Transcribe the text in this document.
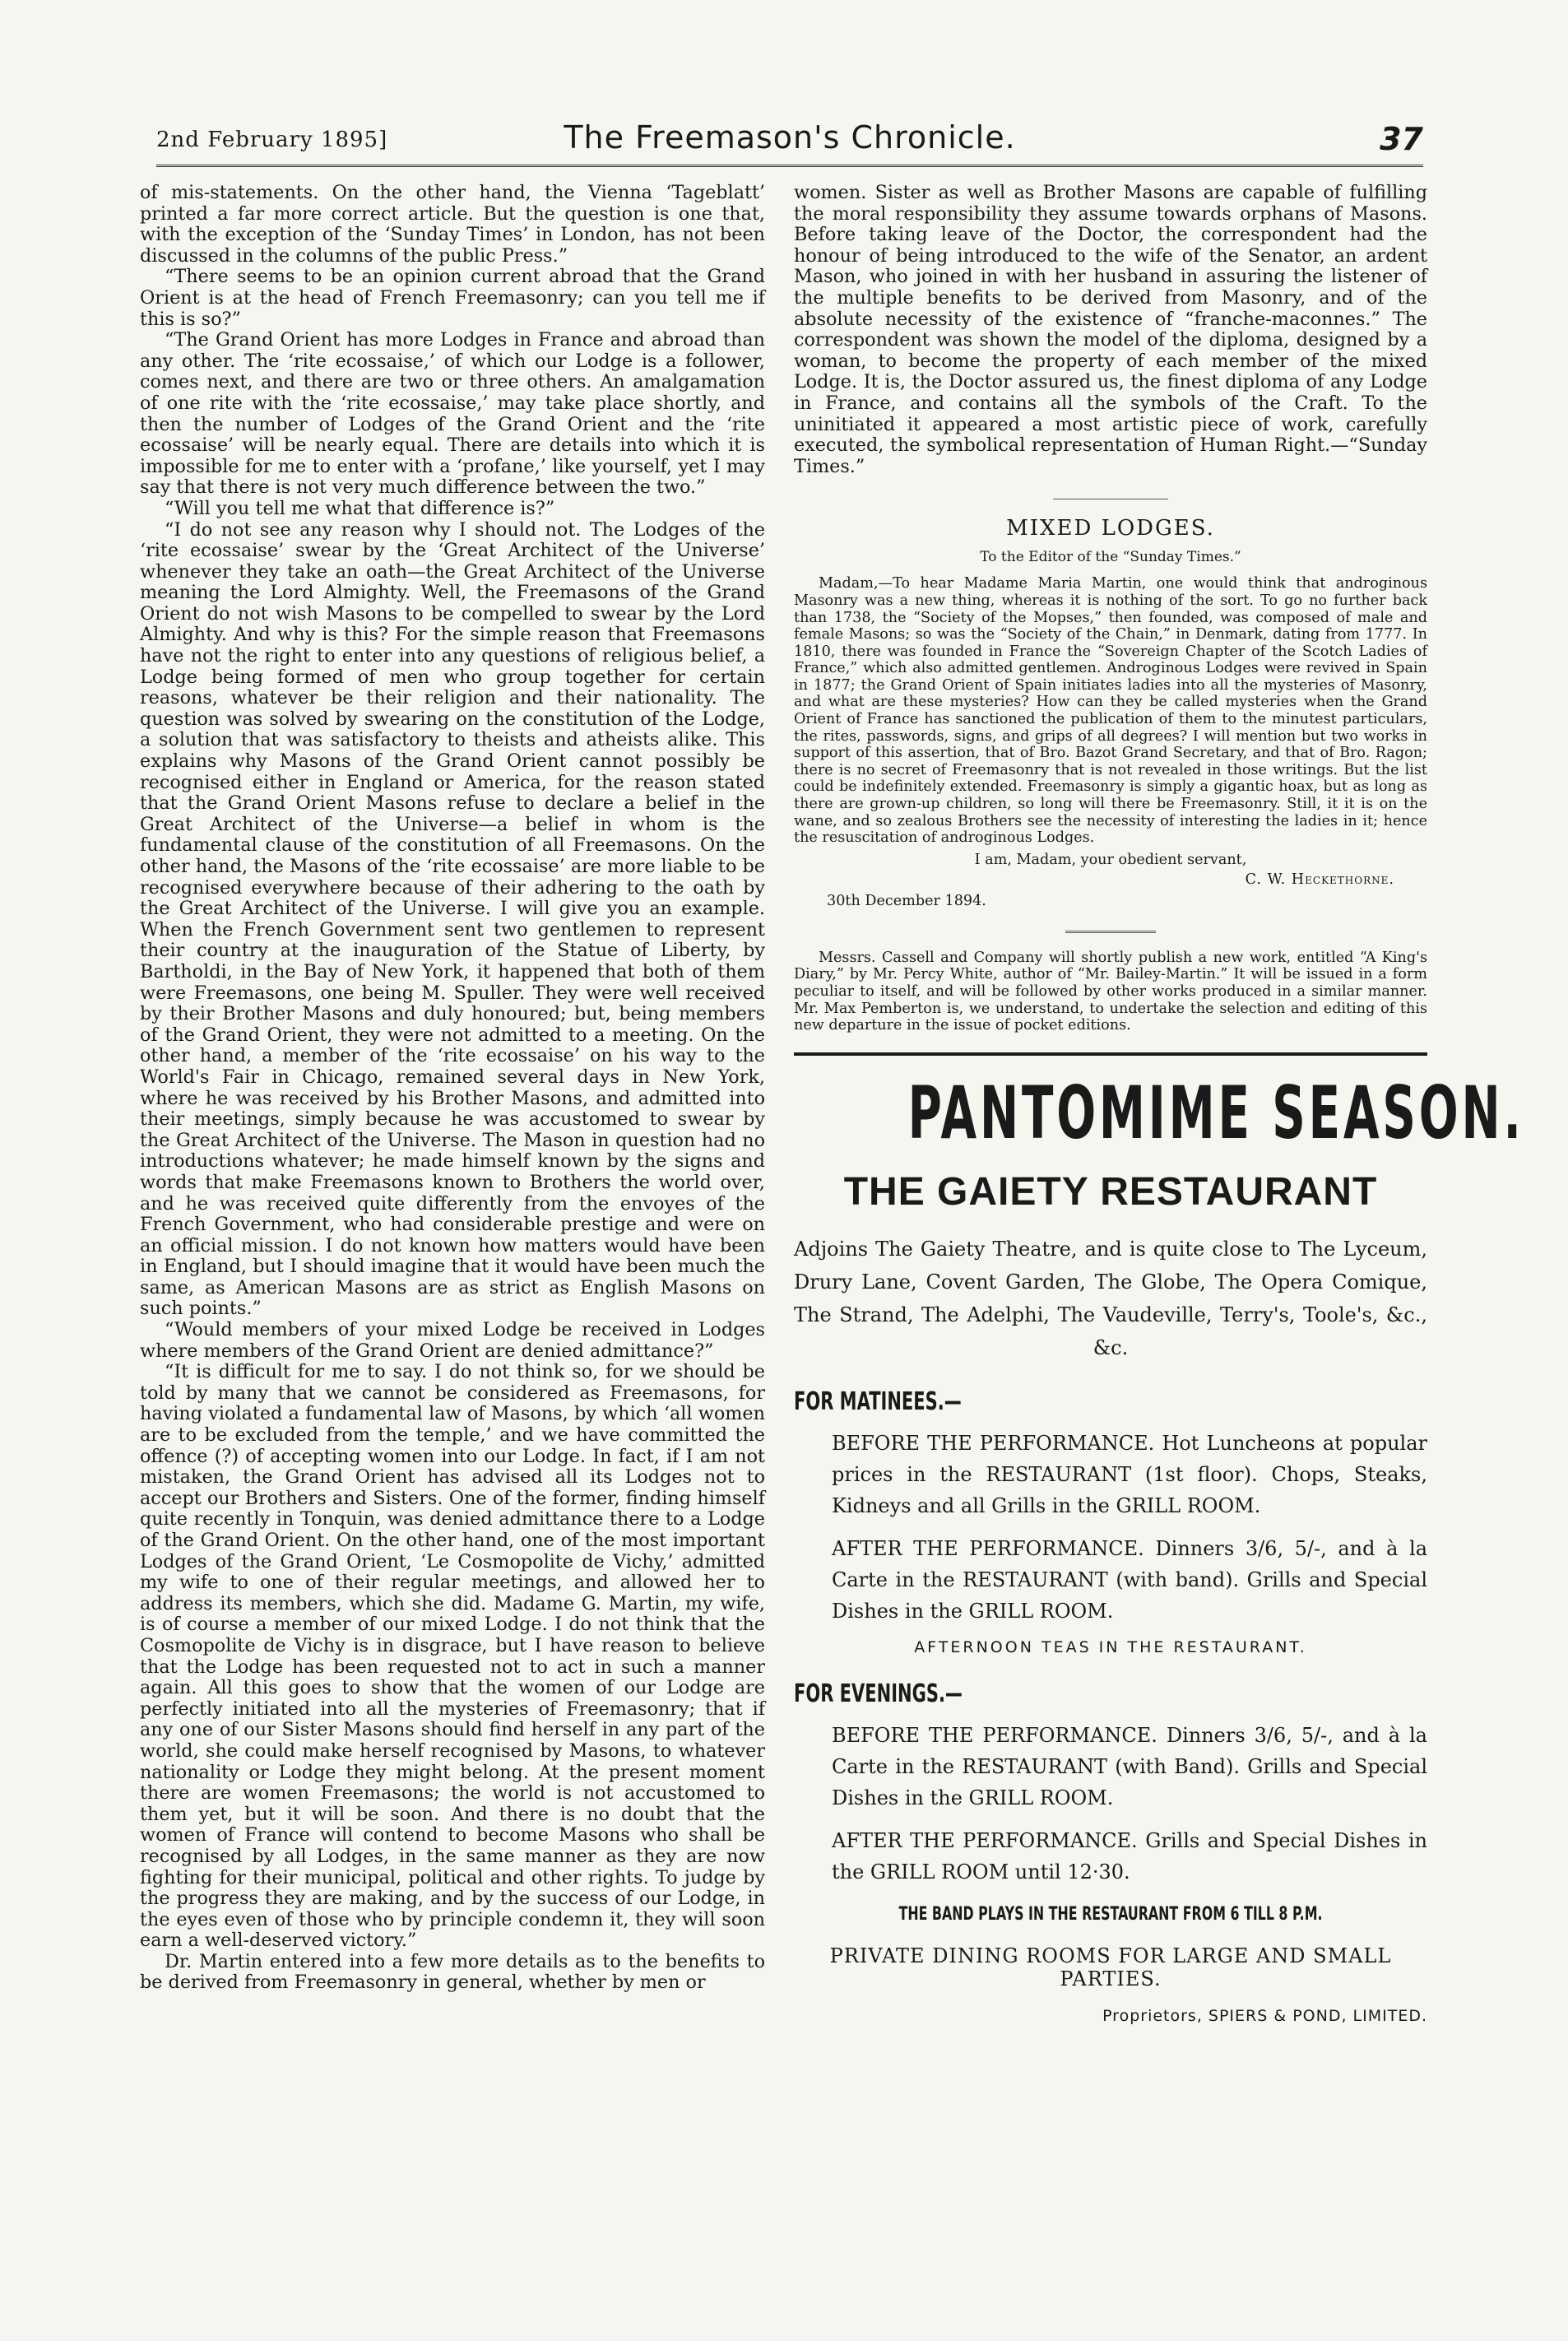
2nd February 1895]	The Freemason's Chronicle.	37

of mis-statements. On the other hand, the Vienna ‘Tageblatt’ printed a far more correct article. But the question is one that, with the exception of the ‘Sunday Times’ in London, has not been discussed in the columns of the public Press.”

“There seems to be an opinion current abroad that the Grand Orient is at the head of French Freemasonry; can you tell me if this is so?”

“The Grand Orient has more Lodges in France and abroad than any other. The ‘rite ecossaise,’ of which our Lodge is a follower, comes next, and there are two or three others. An amalgamation of one rite with the ‘rite ecossaise,’ may take place shortly, and then the number of Lodges of the Grand Orient and the ‘rite ecossaise’ will be nearly equal. There are details into which it is impossible for me to enter with a ‘profane,’ like yourself, yet I may say that there is not very much difference between the two.”

“Will you tell me what that difference is?”

“I do not see any reason why I should not. The Lodges of the ‘rite ecossaise’ swear by the ‘Great Architect of the Universe’ whenever they take an oath—the Great Architect of the Universe meaning the Lord Almighty. Well, the Freemasons of the Grand Orient do not wish Masons to be compelled to swear by the Lord Almighty. And why is this? For the simple reason that Freemasons have not the right to enter into any questions of religious belief, a Lodge being formed of men who group together for certain reasons, whatever be their religion and their nationality. The question was solved by swearing on the constitution of the Lodge, a solution that was satisfactory to theists and atheists alike. This explains why Masons of the Grand Orient cannot possibly be recognised either in England or America, for the reason stated that the Grand Orient Masons refuse to declare a belief in the Great Architect of the Universe—a belief in whom is the fundamental clause of the constitution of all Freemasons. On the other hand, the Masons of the ‘rite ecossaise’ are more liable to be recognised everywhere because of their adhering to the oath by the Great Architect of the Universe. I will give you an example. When the French Government sent two gentlemen to represent their country at the inauguration of the Statue of Liberty, by Bartholdi, in the Bay of New York, it happened that both of them were Freemasons, one being M. Spuller. They were well received by their Brother Masons and duly honoured; but, being members of the Grand Orient, they were not admitted to a meeting. On the other hand, a member of the ‘rite ecossaise’ on his way to the World's Fair in Chicago, remained several days in New York, where he was received by his Brother Masons, and admitted into their meetings, simply because he was accustomed to swear by the Great Architect of the Universe. The Mason in question had no introductions whatever; he made himself known by the signs and words that make Freemasons known to Brothers the world over, and he was received quite differently from the envoyes of the French Government, who had considerable prestige and were on an official mission. I do not known how matters would have been in England, but I should imagine that it would have been much the same, as American Masons are as strict as English Masons on such points.”

“Would members of your mixed Lodge be received in Lodges where members of the Grand Orient are denied admittance?”

“It is difficult for me to say. I do not think so, for we should be told by many that we cannot be considered as Freemasons, for having violated a fundamental law of Masons, by which ‘all women are to be excluded from the temple,’ and we have committed the offence (?) of accepting women into our Lodge. In fact, if I am not mistaken, the Grand Orient has advised all its Lodges not to accept our Brothers and Sisters. One of the former, finding himself quite recently in Tonquin, was denied admittance there to a Lodge of the Grand Orient. On the other hand, one of the most important Lodges of the Grand Orient, ‘Le Cosmopolite de Vichy,’ admitted my wife to one of their regular meetings, and allowed her to address its members, which she did. Madame G. Martin, my wife, is of course a member of our mixed Lodge. I do not think that the Cosmopolite de Vichy is in disgrace, but I have reason to believe that the Lodge has been requested not to act in such a manner again. All this goes to show that the women of our Lodge are perfectly initiated into all the mysteries of Freemasonry; that if any one of our Sister Masons should find herself in any part of the world, she could make herself recognised by Masons, to whatever nationality or Lodge they might belong. At the present moment there are women Freemasons; the world is not accustomed to them yet, but it will be soon. And there is no doubt that the women of France will contend to become Masons who shall be recognised by all Lodges, in the same manner as they are now fighting for their municipal, political and other rights. To judge by the progress they are making, and by the success of our Lodge, in the eyes even of those who by principle condemn it, they will soon earn a well-deserved victory.”

Dr. Martin entered into a few more details as to the benefits to be derived from Freemasonry in general, whether by men or

women. Sister as well as Brother Masons are capable of fulfilling the moral responsibility they assume towards orphans of Masons. Before taking leave of the Doctor, the correspondent had the honour of being introduced to the wife of the Senator, an ardent Mason, who joined in with her husband in assuring the listener of the multiple benefits to be derived from Masonry, and of the absolute necessity of the existence of “franche-maconnes.” The correspondent was shown the model of the diploma, designed by a woman, to become the property of each member of the mixed Lodge. It is, the Doctor assured us, the finest diploma of any Lodge in France, and contains all the symbols of the Craft. To the uninitiated it appeared a most artistic piece of work, carefully executed, the symbolical representation of Human Right.—“Sunday Times.”

MIXED LODGES.
To the Editor of the “Sunday Times.”

Madam,—To hear Madame Maria Martin, one would think that androginous Masonry was a new thing, whereas it is nothing of the sort. To go no further back than 1738, the “Society of the Mopses,” then founded, was composed of male and female Masons; so was the “Society of the Chain,” in Denmark, dating from 1777. In 1810, there was founded in France the “Sovereign Chapter of the Scotch Ladies of France,” which also admitted gentlemen. Androginous Lodges were revived in Spain in 1877; the Grand Orient of Spain initiates ladies into all the mysteries of Masonry, and what are these mysteries? How can they be called mysteries when the Grand Orient of France has sanctioned the publication of them to the minutest particulars, the rites, passwords, signs, and grips of all degrees? I will mention but two works in support of this assertion, that of Bro. Bazot Grand Secretary, and that of Bro. Ragon; there is no secret of Freemasonry that is not revealed in those writings. But the list could be indefinitely extended. Freemasonry is simply a gigantic hoax, but as long as there are grown-up children, so long will there be Freemasonry. Still, it it is on the wane, and so zealous Brothers see the necessity of interesting the ladies in it; hence the resuscitation of androginous Lodges.

I am, Madam, your obedient servant,
C. W. Heckethorne.
30th December 1894.

Messrs. Cassell and Company will shortly publish a new work, entitled “A King's Diary,” by Mr. Percy White, author of “Mr. Bailey-Martin.” It will be issued in a form peculiar to itself, and will be followed by other works produced in a similar manner. Mr. Max Pemberton is, we understand, to undertake the selection and editing of this new departure in the issue of pocket editions.

PANTOMIME SEASON.
THE GAIETY RESTAURANT

Adjoins The Gaiety Theatre, and is quite close to The Lyceum, Drury Lane, Covent Garden, The Globe, The Opera Comique, The Strand, The Adelphi, The Vaudeville, Terry's, Toole's, &c., &c.

FOR MATINEES.—

BEFORE THE PERFORMANCE. Hot Luncheons at popular prices in the RESTAURANT (1st floor). Chops, Steaks, Kidneys and all Grills in the GRILL ROOM.

AFTER THE PERFORMANCE. Dinners 3/6, 5/-, and à la Carte in the RESTAURANT (with band). Grills and Special Dishes in the GRILL ROOM.

AFTERNOON TEAS IN THE RESTAURANT.
FOR EVENINGS.—

BEFORE THE PERFORMANCE. Dinners 3/6, 5/-, and à la Carte in the RESTAURANT (with Band). Grills and Special Dishes in the GRILL ROOM.

AFTER THE PERFORMANCE. Grills and Special Dishes in the GRILL ROOM until 12·30.

THE BAND PLAYS IN THE RESTAURANT FROM 6 TILL 8 P.M.
PRIVATE DINING ROOMS FOR LARGE AND SMALL PARTIES.
Proprietors, SPIERS & POND, LIMITED.
